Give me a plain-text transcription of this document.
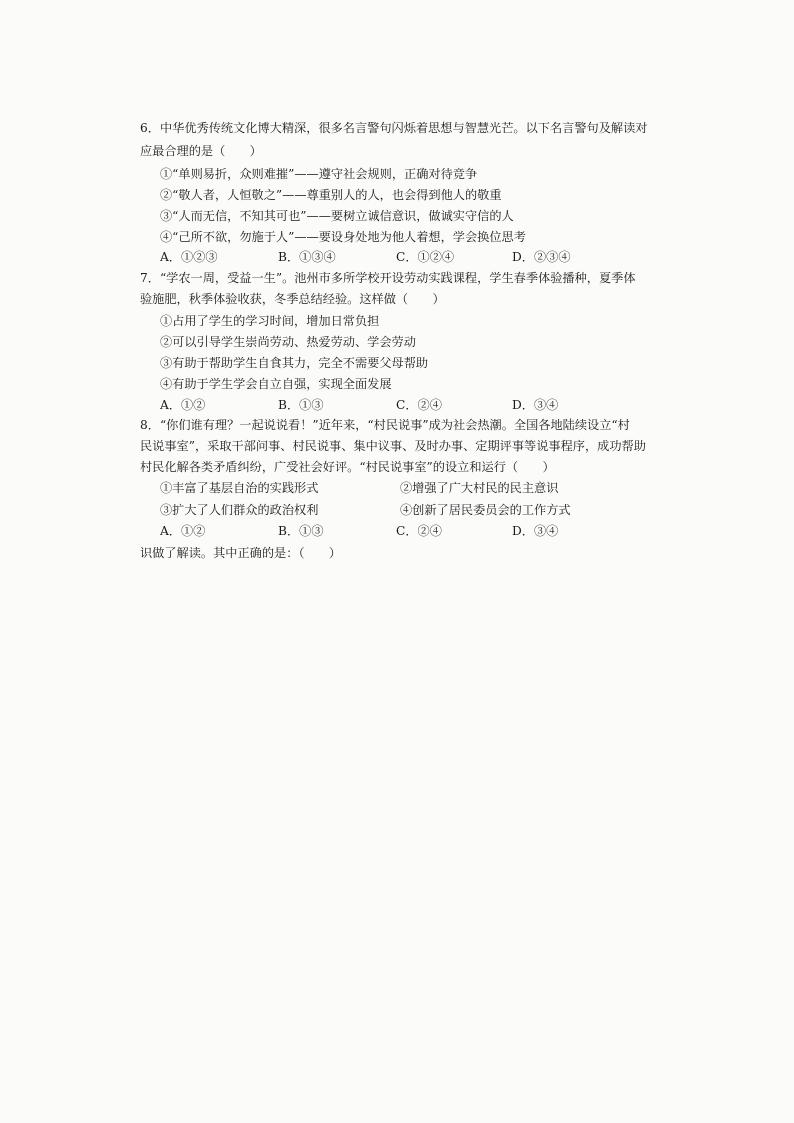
6．中华优秀传统文化博大精深，很多名言警句闪烁着思想与智慧光芒。以下名言警句及解读对
应最合理的是（　　）
①“单则易折，众则难摧”——遵守社会规则，正确对待竞争
②“敬人者，人恒敬之”——尊重别人的人，也会得到他人的敬重
③“人而无信，不知其可也”——要树立诚信意识，做诚实守信的人
④“己所不欲，勿施于人”——要设身处地为他人着想，学会换位思考
A．①②③	B．①③④	C．①②④	D．②③④
7．“学农一周，受益一生”。池州市多所学校开设劳动实践课程，学生春季体验播种，夏季体
验施肥，秋季体验收获，冬季总结经验。这样做（　　）
①占用了学生的学习时间，增加日常负担
②可以引导学生崇尚劳动、热爱劳动、学会劳动
③有助于帮助学生自食其力，完全不需要父母帮助
④有助于学生学会自立自强，实现全面发展
A．①②	B．①③	C．②④	D．③④
8．“你们谁有理？一起说说看！”近年来，“村民说事”成为社会热潮。全国各地陆续设立“村
民说事室”，采取干部问事、村民说事、集中议事、及时办事、定期评事等说事程序，成功帮助
村民化解各类矛盾纠纷，广受社会好评。“村民说事室”的设立和运行（　　）
①丰富了基层自治的实践形式	②增强了广大村民的民主意识
③扩大了人们群众的政治权利	④创新了居民委员会的工作方式
A．①②	B．①③	C．②④	D．③④
识做了解读。其中正确的是：（　　）
